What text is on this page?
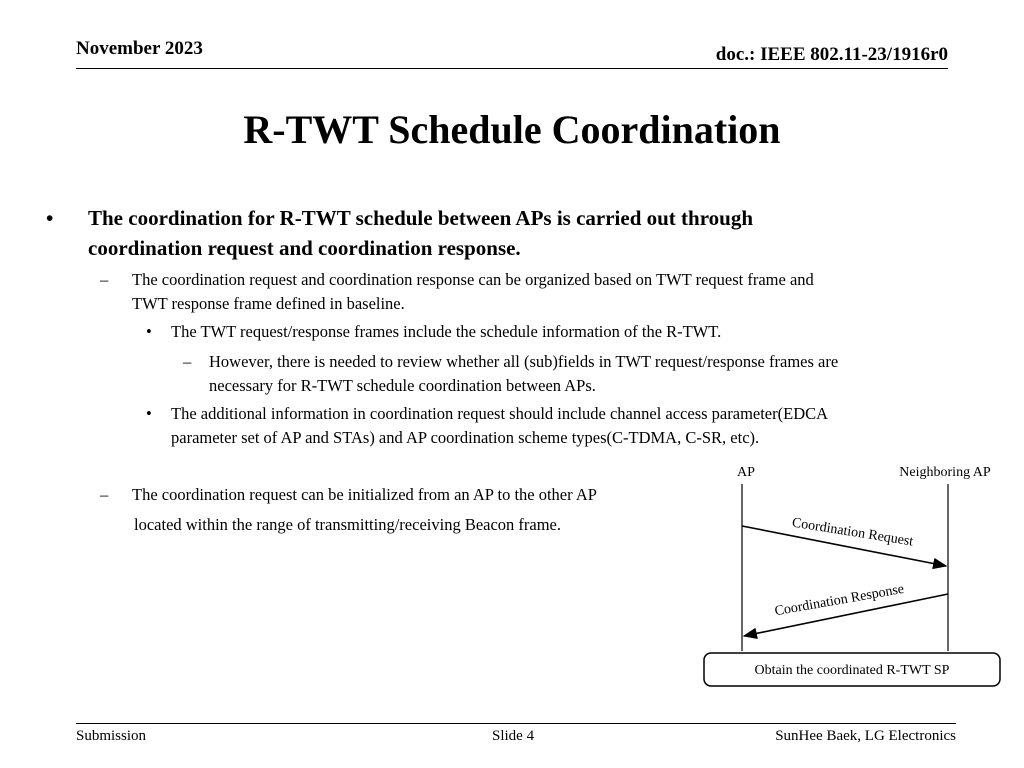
November 2023	doc.: IEEE 802.11-23/1916r0
R-TWT Schedule Coordination
• The coordination for R-TWT schedule between APs is carried out through
coordination request and coordination response.
– The coordination request and coordination response can be organized based on TWT request frame and
TWT response frame defined in baseline.
• The TWT request/response frames include the schedule information of the R-TWT.
– However, there is needed to review whether all (sub)fields in TWT request/response frames are
necessary for R-TWT schedule coordination between APs.
• The additional information in coordination request should include channel access parameter(EDCA
parameter set of AP and STAs) and AP coordination scheme types(C-TDMA, C-SR, etc).
– The coordination request can be initialized from an AP to the other AP
located within the range of transmitting/receiving Beacon frame.
AP	Neighboring AP
Coordination Request
Coordination Response
Obtain the coordinated R-TWT SP
Submission	Slide 4	SunHee Baek, LG Electronics
